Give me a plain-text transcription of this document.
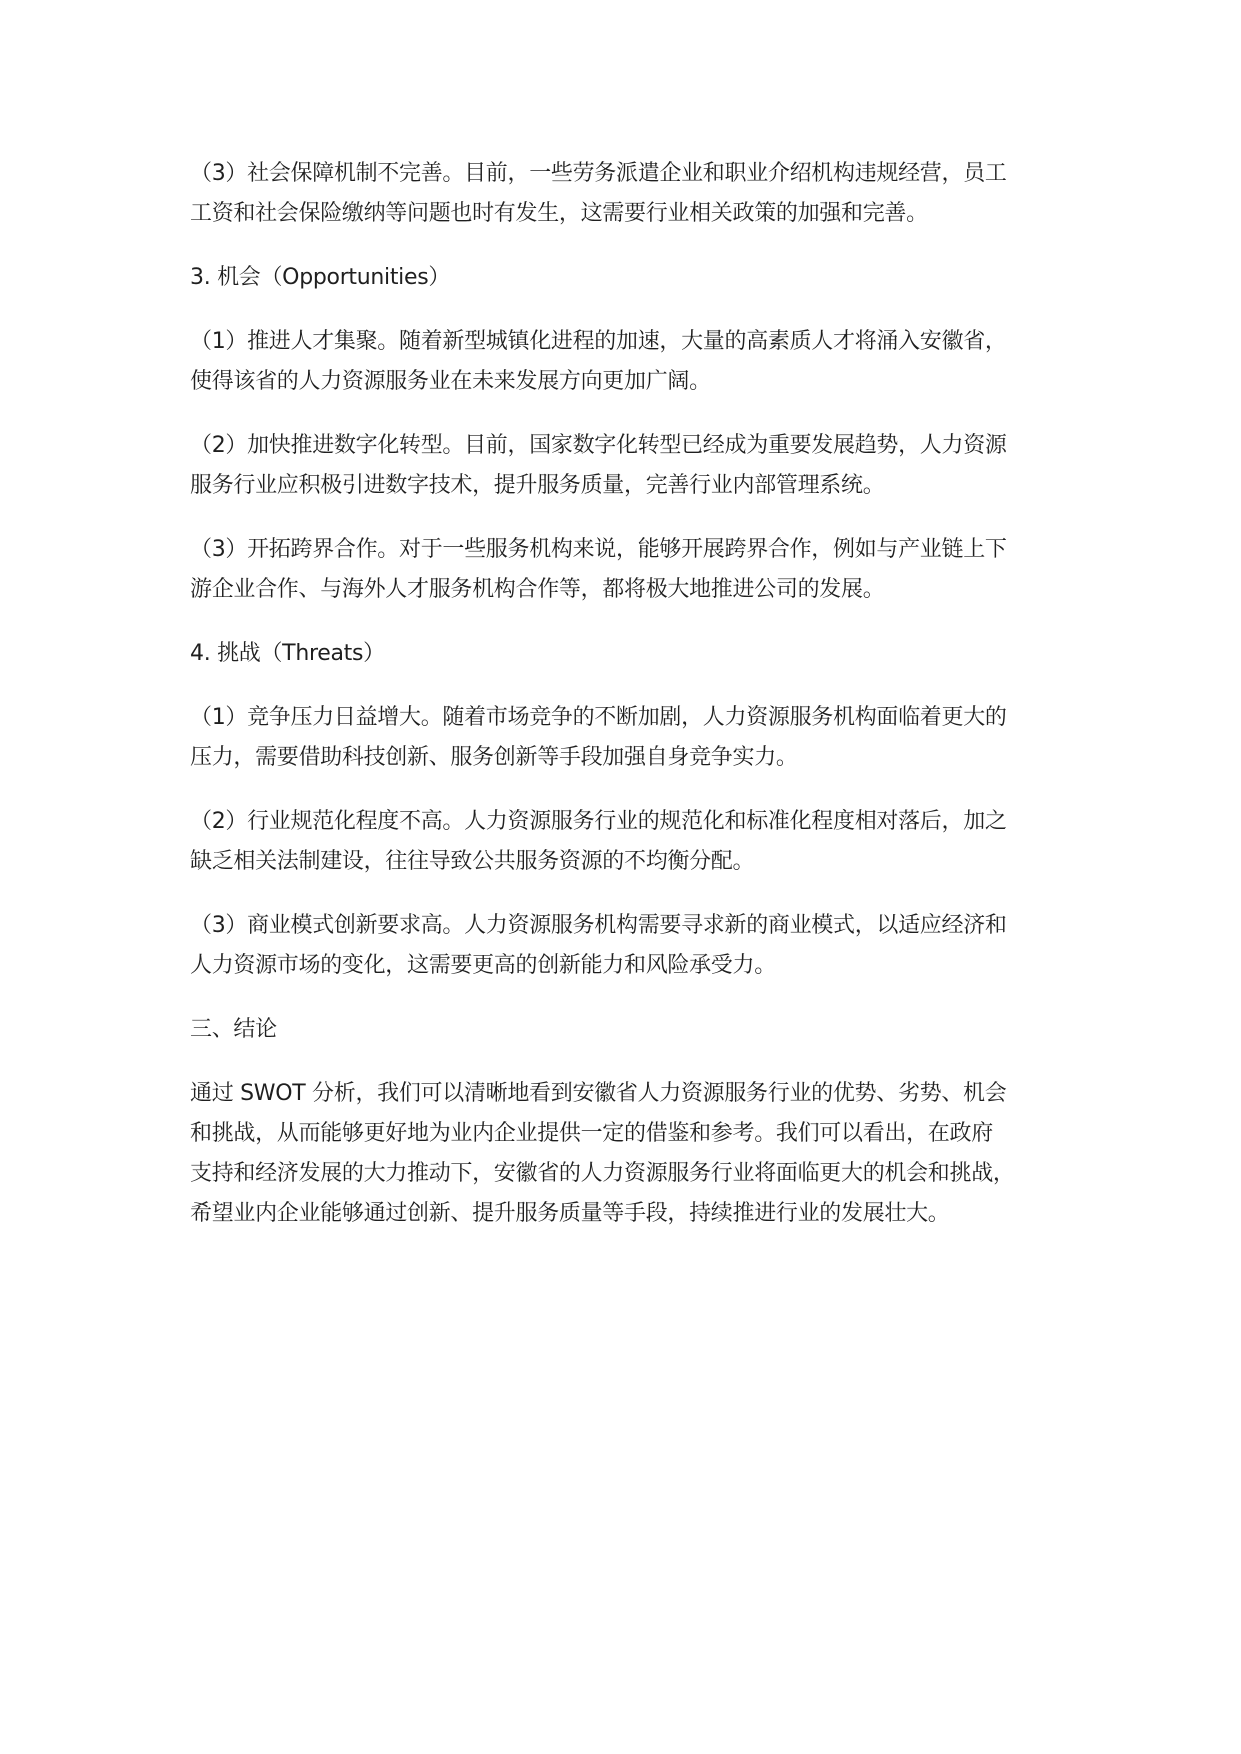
（3）社会保障机制不完善。目前，一些劳务派遣企业和职业介绍机构违规经营，员工
工资和社会保险缴纳等问题也时有发生，这需要行业相关政策的加强和完善。

3. 机会（Opportunities）

（1）推进人才集聚。随着新型城镇化进程的加速，大量的高素质人才将涌入安徽省，
使得该省的人力资源服务业在未来发展方向更加广阔。

（2）加快推进数字化转型。目前，国家数字化转型已经成为重要发展趋势，人力资源
服务行业应积极引进数字技术，提升服务质量，完善行业内部管理系统。

（3）开拓跨界合作。对于一些服务机构来说，能够开展跨界合作，例如与产业链上下
游企业合作、与海外人才服务机构合作等，都将极大地推进公司的发展。

4. 挑战（Threats）

（1）竞争压力日益增大。随着市场竞争的不断加剧，人力资源服务机构面临着更大的
压力，需要借助科技创新、服务创新等手段加强自身竞争实力。

（2）行业规范化程度不高。人力资源服务行业的规范化和标准化程度相对落后，加之
缺乏相关法制建设，往往导致公共服务资源的不均衡分配。

（3）商业模式创新要求高。人力资源服务机构需要寻求新的商业模式，以适应经济和
人力资源市场的变化，这需要更高的创新能力和风险承受力。

三、结论

通过 SWOT 分析，我们可以清晰地看到安徽省人力资源服务行业的优势、劣势、机会
和挑战，从而能够更好地为业内企业提供一定的借鉴和参考。我们可以看出，在政府
支持和经济发展的大力推动下，安徽省的人力资源服务行业将面临更大的机会和挑战，
希望业内企业能够通过创新、提升服务质量等手段，持续推进行业的发展壮大。
